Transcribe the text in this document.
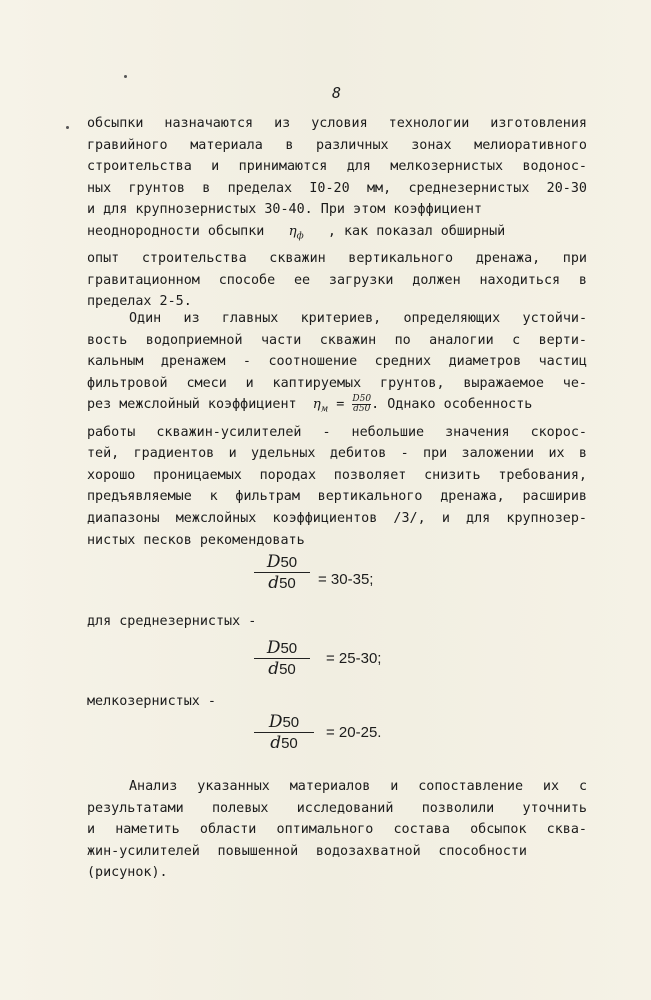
8
обсыпки назначаются из условия технологии изготовления
гравийного материала в различных зонах мелиоративного
строительства и принимаются для мелкозернистых водонос-
ных грунтов в пределах I0-20 мм, среднезернистых 20-30
и для крупнозернистых 30-40. При этом коэффициент
неоднородности обсыпки $\eta_ф$ , как показал обширный
опыт строительства скважин вертикального дренажа, при
гравитационном способе ее загрузки должен находиться в
пределах 2-5.
Один из главных критериев, определяющих устойчи-
вость водоприемной части скважин по аналогии с верти-
кальным дренажем - соотношение средних диаметров частиц
фильтровой смеси и каптируемых грунтов, выражаемое че-
рез межслойный коэффициент $\eta_м = \frac{D50}{d50}$ . Однако особенность
работы скважин-усилителей - небольшие значения скорос-
тей, градиентов и удельных дебитов - при заложении их в
хорошо проницаемых породах позволяет снизить требования,
предъявляемые к фильтрам вертикального дренажа, расширив
диапазоны межслойных коэффициентов /3/, и для крупнозер-
нистых песков рекомендовать
D50
d50	= 30-35;
для среднезернистых -
D50
d50
= 25-30;
мелкозернистых -
D50
d50
= 20-25.
Анализ указанных материалов и сопоставление их с
результатами полевых исследований позволили уточнить
и наметить области оптимального состава обсыпок сква-
жин-усилителей повышенной водозахватной способности
(рисунок).
